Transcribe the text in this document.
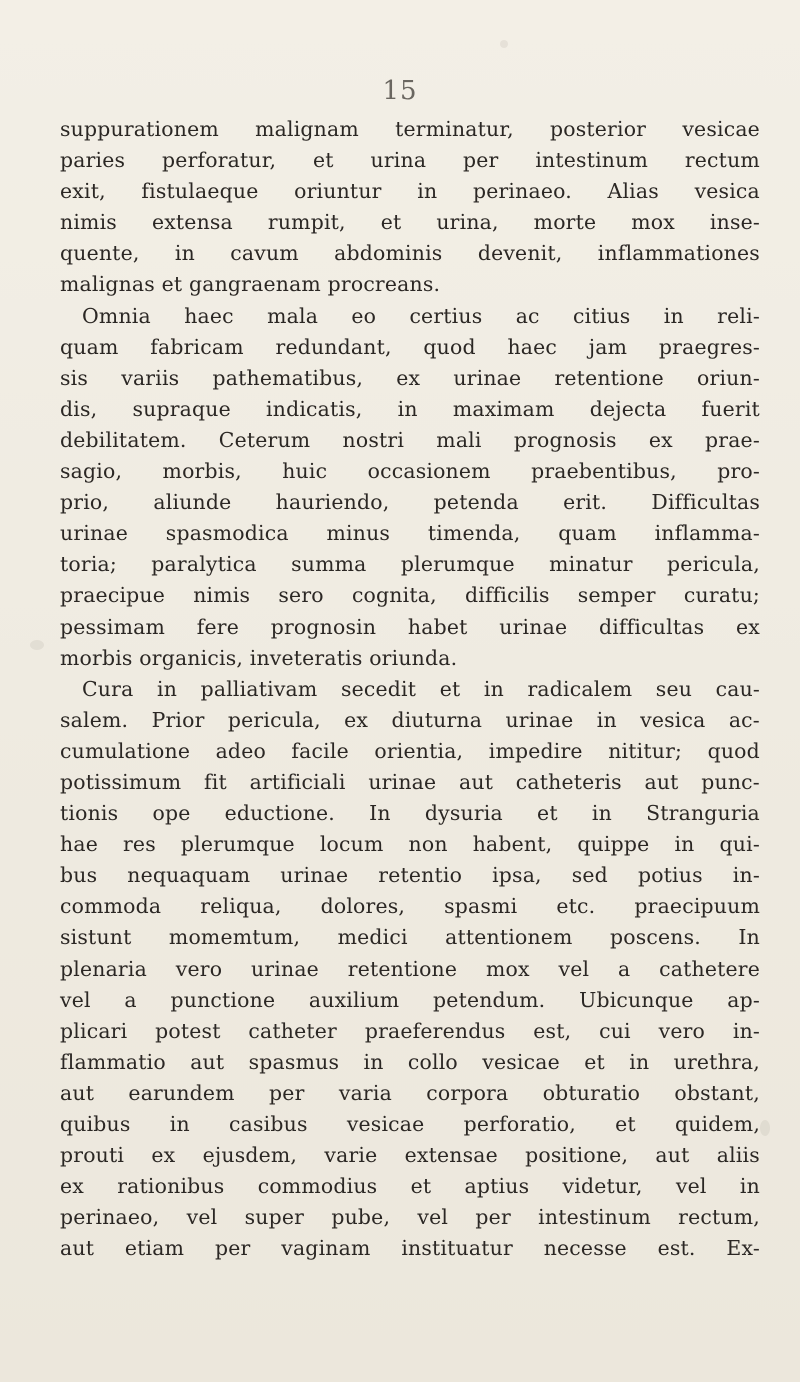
15
suppurationem malignam terminatur, posterior vesicae
paries perforatur, et urina per intestinum rectum
exit, fistulaeque oriuntur in perinaeo. Alias vesica
nimis extensa rumpit, et urina, morte mox inse-
quente, in cavum abdominis devenit, inflammationes
malignas et gangraenam procreans.
Omnia haec mala eo certius ac citius in reli-
quam fabricam redundant, quod haec jam praegres-
sis variis pathematibus, ex urinae retentione oriun-
dis, supraque indicatis, in maximam dejecta fuerit
debilitatem. Ceterum nostri mali prognosis ex prae-
sagio, morbis, huic occasionem praebentibus, pro-
prio, aliunde hauriendo, petenda erit. Difficultas
urinae spasmodica minus timenda, quam inflamma-
toria; paralytica summa plerumque minatur pericula,
praecipue nimis sero cognita, difficilis semper curatu;
pessimam fere prognosin habet urinae difficultas ex
morbis organicis, inveteratis oriunda.
Cura in palliativam secedit et in radicalem seu cau-
salem. Prior pericula, ex diuturna urinae in vesica ac-
cumulatione adeo facile orientia, impedire nititur; quod
potissimum fit artificiali urinae aut catheteris aut punc-
tionis ope eductione. In dysuria et in Stranguria
hae res plerumque locum non habent, quippe in qui-
bus nequaquam urinae retentio ipsa, sed potius in-
commoda reliqua, dolores, spasmi etc. praecipuum
sistunt momemtum, medici attentionem poscens. In
plenaria vero urinae retentione mox vel a cathetere
vel a punctione auxilium petendum. Ubicunque ap-
plicari potest catheter praeferendus est, cui vero in-
flammatio aut spasmus in collo vesicae et in urethra,
aut earundem per varia corpora obturatio obstant,
quibus in casibus vesicae perforatio, et quidem,
prouti ex ejusdem, varie extensae positione, aut aliis
ex rationibus commodius et aptius videtur, vel in
perinaeo, vel super pube, vel per intestinum rectum,
aut etiam per vaginam instituatur necesse est. Ex-
